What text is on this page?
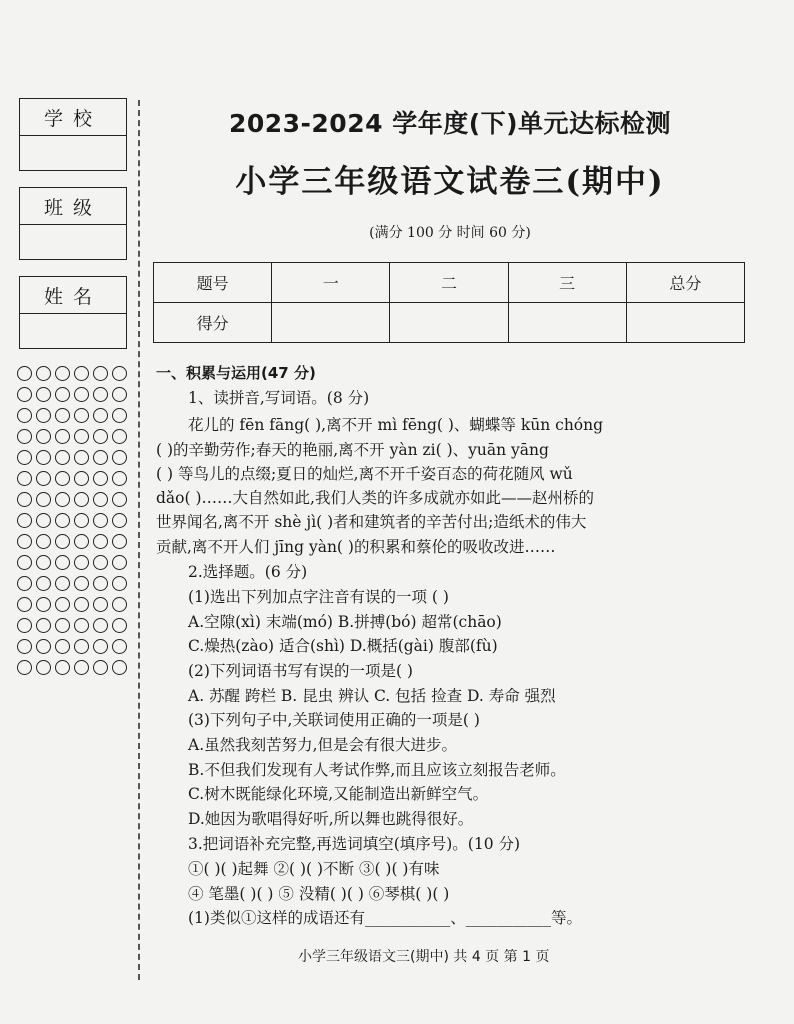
学校
班级
姓名
2023-2024 学年度(下)单元达标检测
小学三年级语文试卷三(期中)
(满分 100 分 时间 60 分)
题号	一	二	三	总分
得分				
一、积累与运用(47 分)
1、读拼音,写词语。(8 分)
花儿的 fēn fāng( ),离不开 mì fēng( )、蝴蝶等 kūn chóng
( )的辛勤劳作;春天的艳丽,离不开 yàn zi( )、yuān yāng
( ) 等鸟儿的点缀;夏日的灿烂,离不开千姿百态的荷花随风 wǔ
dǎo( )……大自然如此,我们人类的许多成就亦如此——赵州桥的
世界闻名,离不开 shè jì( )者和建筑者的辛苦付出;造纸术的伟大
贡献,离不开人们 jīng yàn( )的积累和蔡伦的吸收改进……
2.选择题。(6 分)
(1)选出下列加点字注音有误的一项 ( )
A.空隙(xì) 末端(mó) B.拼搏(bó) 超常(chāo)
C.燥热(zào) 适合(shì) D.概括(gài) 腹部(fù)
(2)下列词语书写有误的一项是( )
A. 苏醒 跨栏 B. 昆虫 辨认 C. 包括 捡查 D. 寿命 强烈
(3)下列句子中,关联词使用正确的一项是( )
A.虽然我刻苦努力,但是会有很大进步。
B.不但我们发现有人考试作弊,而且应该立刻报告老师。
C.树木既能绿化环境,又能制造出新鲜空气。
D.她因为歌唱得好听,所以舞也跳得很好。
3.把词语补充完整,再选词填空(填序号)。(10 分)
①( )( )起舞 ②( )( )不断 ③( )( )有味
④ 笔墨( )( ) ⑤ 没精( )( ) ⑥琴棋( )( )
(1)类似①这样的成语还有___________、___________等。
小学三年级语文三(期中) 共 4 页 第 1 页
